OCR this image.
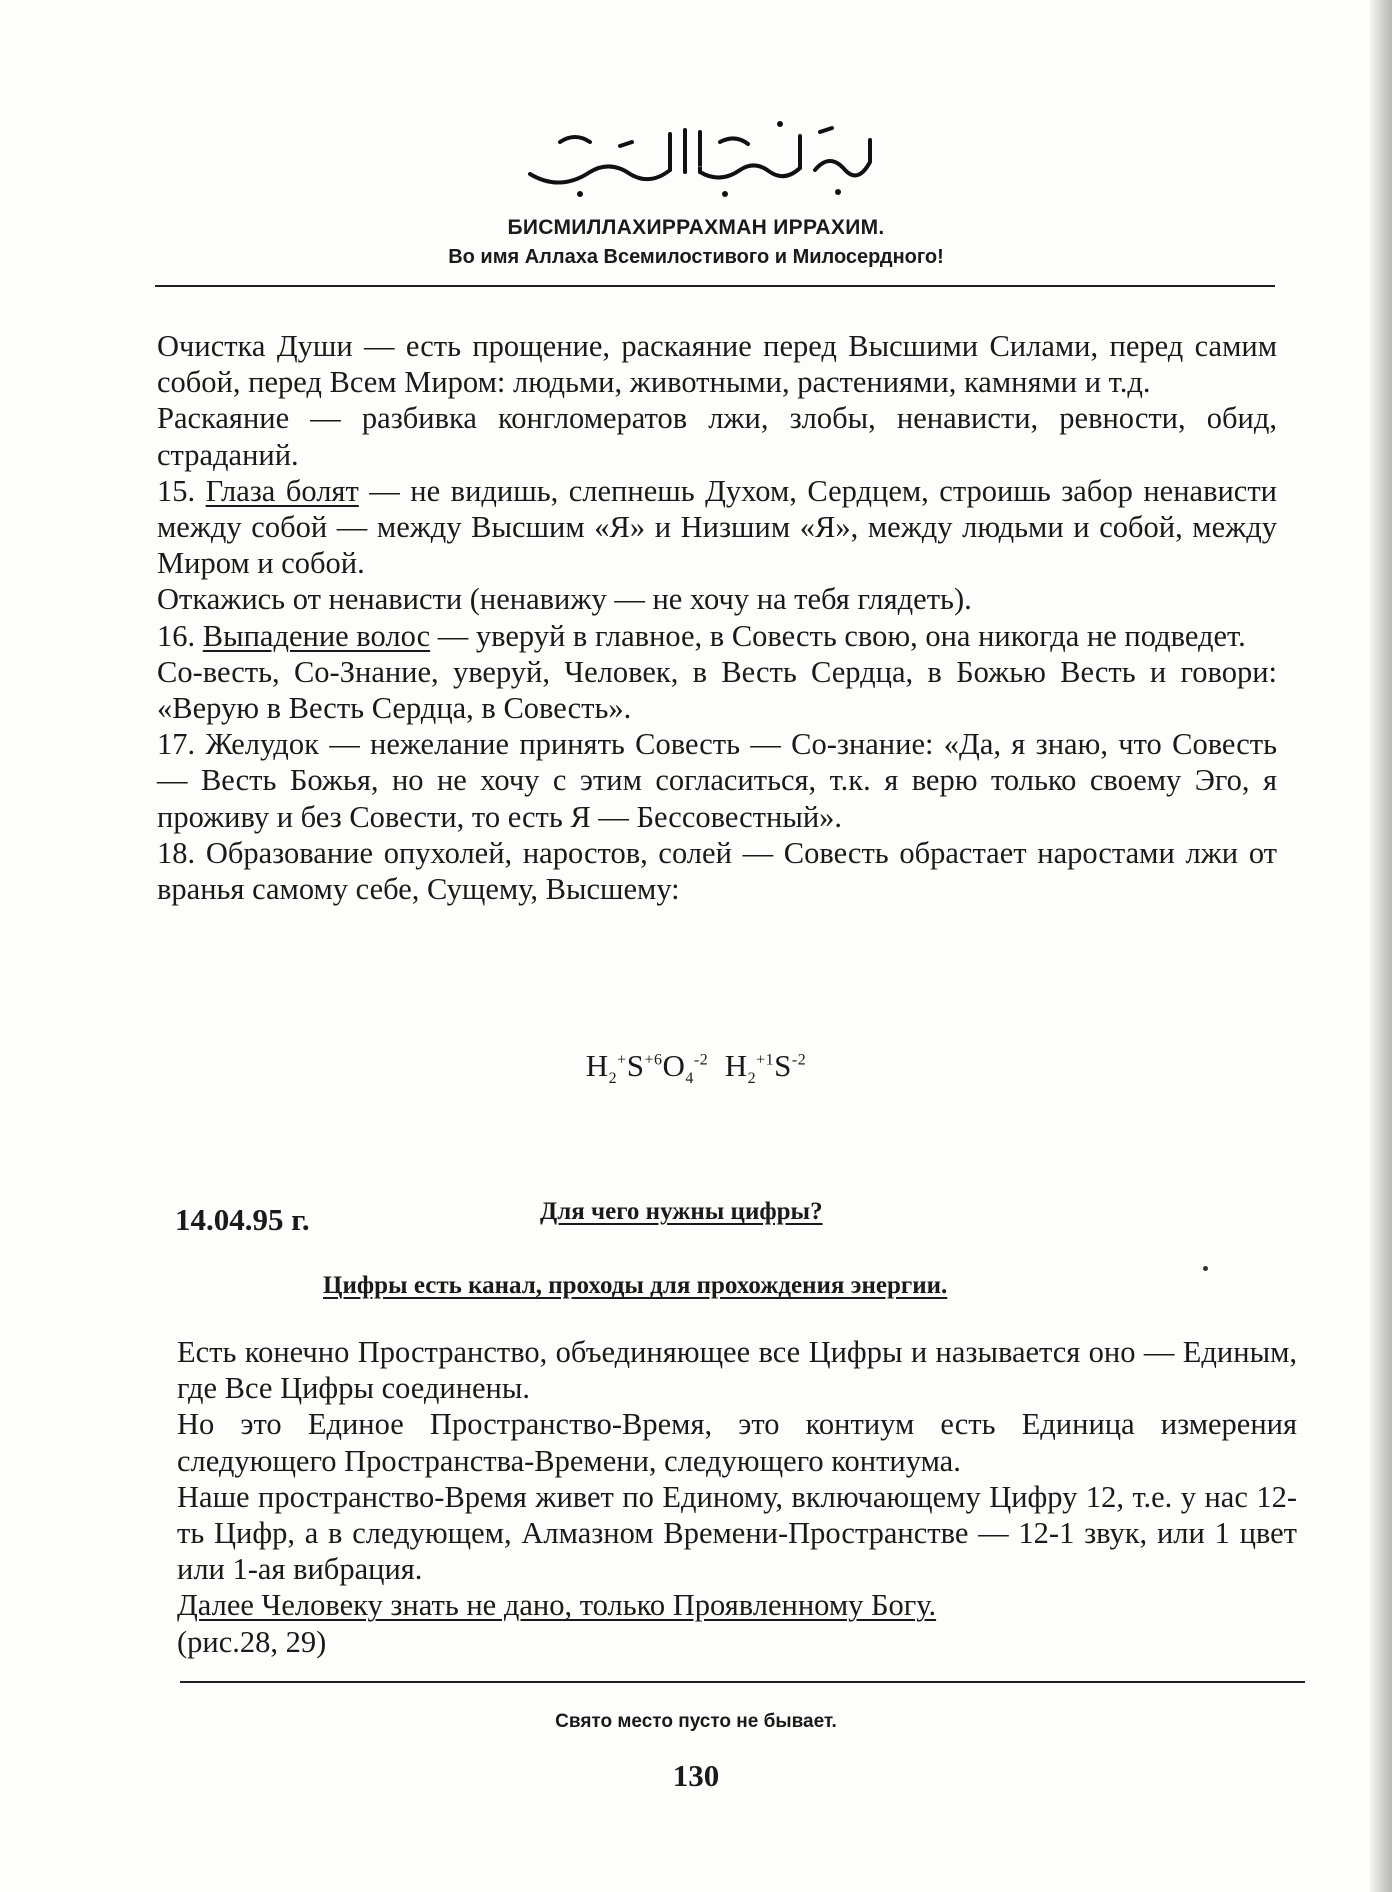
بسم الله الرحمن الرحيم
БИСМИЛЛАХИРРАХМАН ИРРАХИМ.
Во имя Аллаха Всемилостивого и Милосердного!

Очистка Души — есть прощение, раскаяние перед Высшими Силами, перед самим собой, перед Всем Миром: людьми, животными, растениями, камнями и т.д.

Раскаяние — разбивка конгломератов лжи, злобы, ненависти, ревности, обид, страданий.

15. Глаза болят — не видишь, слепнешь Духом, Сердцем, строишь забор ненависти между собой — между Высшим «Я» и Низшим «Я», между людьми и собой, между Миром и собой.

Откажись от ненависти (ненавижу — не хочу на тебя глядеть).

16. Выпадение волос — уверуй в главное, в Совесть свою, она никогда не подведет.

Со-весть, Со-Знание, уверуй, Человек, в Весть Сердца, в Божью Весть и говори: «Верую в Весть Сердца, в Совесть».

17. Желудок — нежелание принять Совесть — Со-знание: «Да, я знаю, что Совесть — Весть Божья, но не хочу с этим согласиться, т.к. я верю только своему Эго, я проживу и без Совести, то есть Я — Бессовестный».

18. Образование опухолей, наростов, солей — Совесть обрастает наростами лжи от вранья самому себе, Сущему, Высшему:

$H_2^+S^{+6}O_4^{-2}$ $H_2^{+1}S^{-2}$
14.04.95 г.	Для чего нужны цифры?
Цифры есть канал, проходы для прохождения энергии.

Есть конечно Пространство, объединяющее все Цифры и называется оно — Единым, где Все Цифры соединены.

Но это Единое Пространство-Время, это контиум есть Единица измерения следующего Пространства-Времени, следующего контиума.

Наше пространство-Время живет по Единому, включающему Цифру 12, т.е. у нас 12-ть Цифр, а в следующем, Алмазном Времени-Пространстве — 12-1 звук, или 1 цвет или 1-ая вибрация.

Далее Человеку знать не дано, только Проявленному Богу.

(рис.28, 29)

Свято место пусто не бывает.
130
